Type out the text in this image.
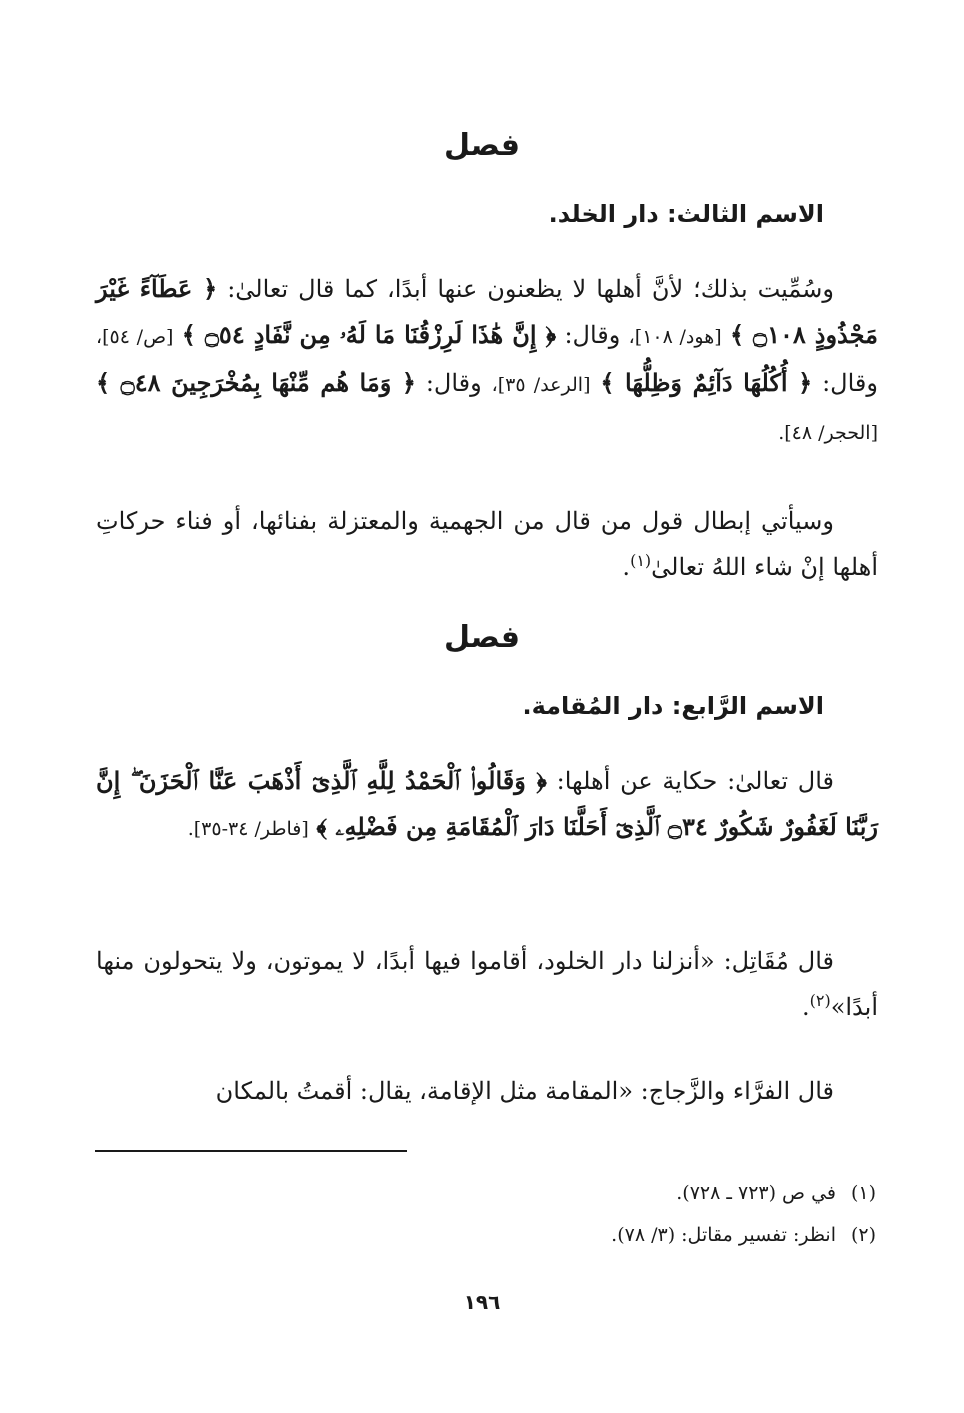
فصل
الاسم الثالث: دار الخلد.
وسُمِّيت بذلك؛ لأنَّ أهلها لا يظعنون عنها أبدًا، كما قال تعالىٰ: ﴿ عَطَآءً غَيْرَ مَجْذُوذٍ ۝١٠٨ ﴾ [هود/ ١٠٨]، وقال: ﴿ إِنَّ هَٰذَا لَرِزْقُنَا مَا لَهُۥ مِن نَّفَادٍ ۝٥٤ ﴾ [ص/ ٥٤]، وقال: ﴿ أُكُلُهَا دَآئِمٌ وَظِلُّهَا ﴾ [الرعد/ ٣٥]، وقال: ﴿ وَمَا هُم مِّنْهَا بِمُخْرَجِينَ ۝٤٨ ﴾ [الحجر/ ٤٨].
وسيأتي إبطال قول من قال من الجهمية والمعتزلة بفنائها، أو فناء حركاتِ أهلها إنْ شاء اللهُ تعالىٰ$^{(١)}$.
فصل
الاسم الرَّابع: دار المُقامة.
قال تعالىٰ: حكاية عن أهلها: ﴿ وَقَالُوا۟ ٱلْحَمْدُ لِلَّهِ ٱلَّذِىٓ أَذْهَبَ عَنَّا ٱلْحَزَنَ ۖ إِنَّ رَبَّنَا لَغَفُورٌ شَكُورٌ ۝٣٤ ٱلَّذِىٓ أَحَلَّنَا دَارَ ٱلْمُقَامَةِ مِن فَضْلِهِۦ ﴾ [فاطر/ ٣٤-٣٥].
قال مُقَاتِل: «أنزلنا دار الخلود، أقاموا فيها أبدًا، لا يموتون، ولا يتحولون منها أبدًا»$^{(٢)}$.
قال الفرَّاء والزَّجاج: «المقامة مثل الإقامة، يقال: أقمتُ بالمكان
(١)في ص (٧٢٣ ـ ٧٢٨).
(٢)انظر: تفسير مقاتل: (٣/ ٧٨).
١٩٦
